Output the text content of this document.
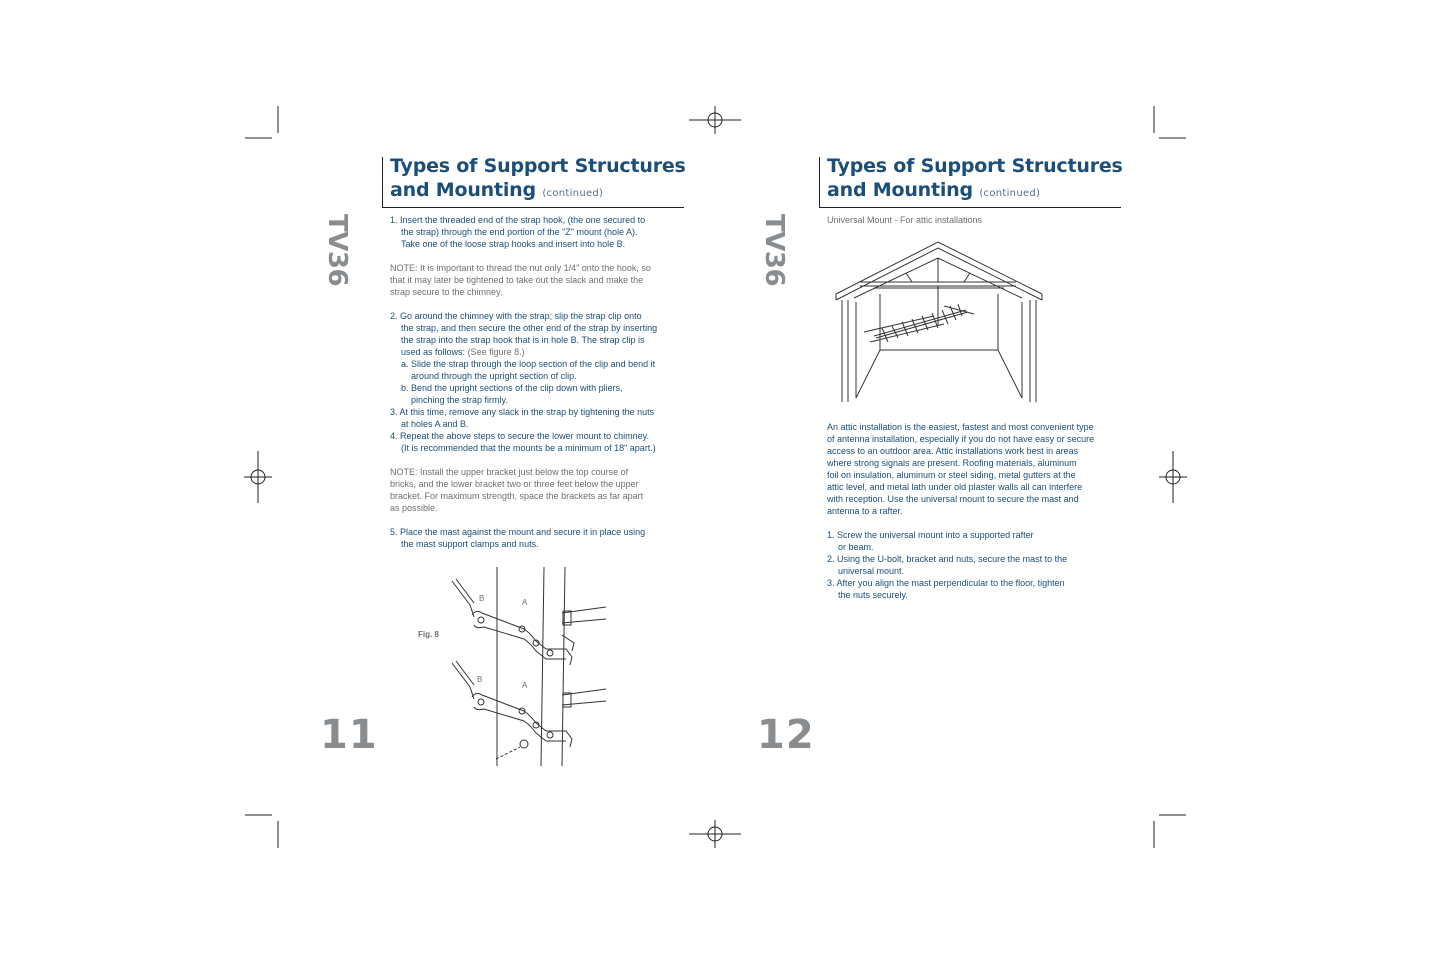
Types of Support Structures
and Mounting (continued)
TV36
11

1. Insert the threaded end of the strap hook, (the one secured to
the strap) through the end portion of the "Z" mount (hole A).
Take one of the loose strap hooks and insert into hole B.

NOTE: It is important to thread the nut only 1/4" onto the hook, so
that it may later be tightened to take out the slack and make the
strap secure to the chimney.

2. Go around the chimney with the strap; slip the strap clip onto
the strap, and then secure the other end of the strap by inserting
the strap into the strap hook that is in hole B. The strap clip is
used as follows: (See figure 8.)

a. Slide the strap through the loop section of the clip and bend it
around through the upright section of clip.

b. Bend the upright sections of the clip down with pliers,
pinching the strap firmly.

3. At this time, remove any slack in the strap by tightening the nuts
at holes A and B.

4. Repeat the above steps to secure the lower mount to chimney.
(It is recommended that the mounts be a minimum of 18" apart.)

NOTE: Install the upper bracket just below the top course of
bricks, and the lower bracket two or three feet below the upper
bracket. For maximum strength, space the brackets as far apart
as possible.

5. Place the mast against the mount and secure it in place using
the mast support clamps and nuts.

Fig. 8
B	A
B
A
Types of Support Structures
and Mounting (continued)
TV36
12
Universal Mount - For attic installations

An attic installation is the easiest, fastest and most convenient type
of antenna installation, especially if you do not have easy or secure
access to an outdoor area. Attic installations work best in areas
where strong signals are present. Roofing materials, aluminum
foil on insulation, aluminum or steel siding, metal gutters at the
attic level, and metal lath under old plaster walls all can interfere
with reception. Use the universal mount to secure the mast and
antenna to a rafter.

1. Screw the universal mount into a supported rafter
or beam.

2. Using the U-bolt, bracket and nuts, secure the mast to the
universal mount.

3. After you align the mast perpendicular to the floor, tighten
the nuts securely.
